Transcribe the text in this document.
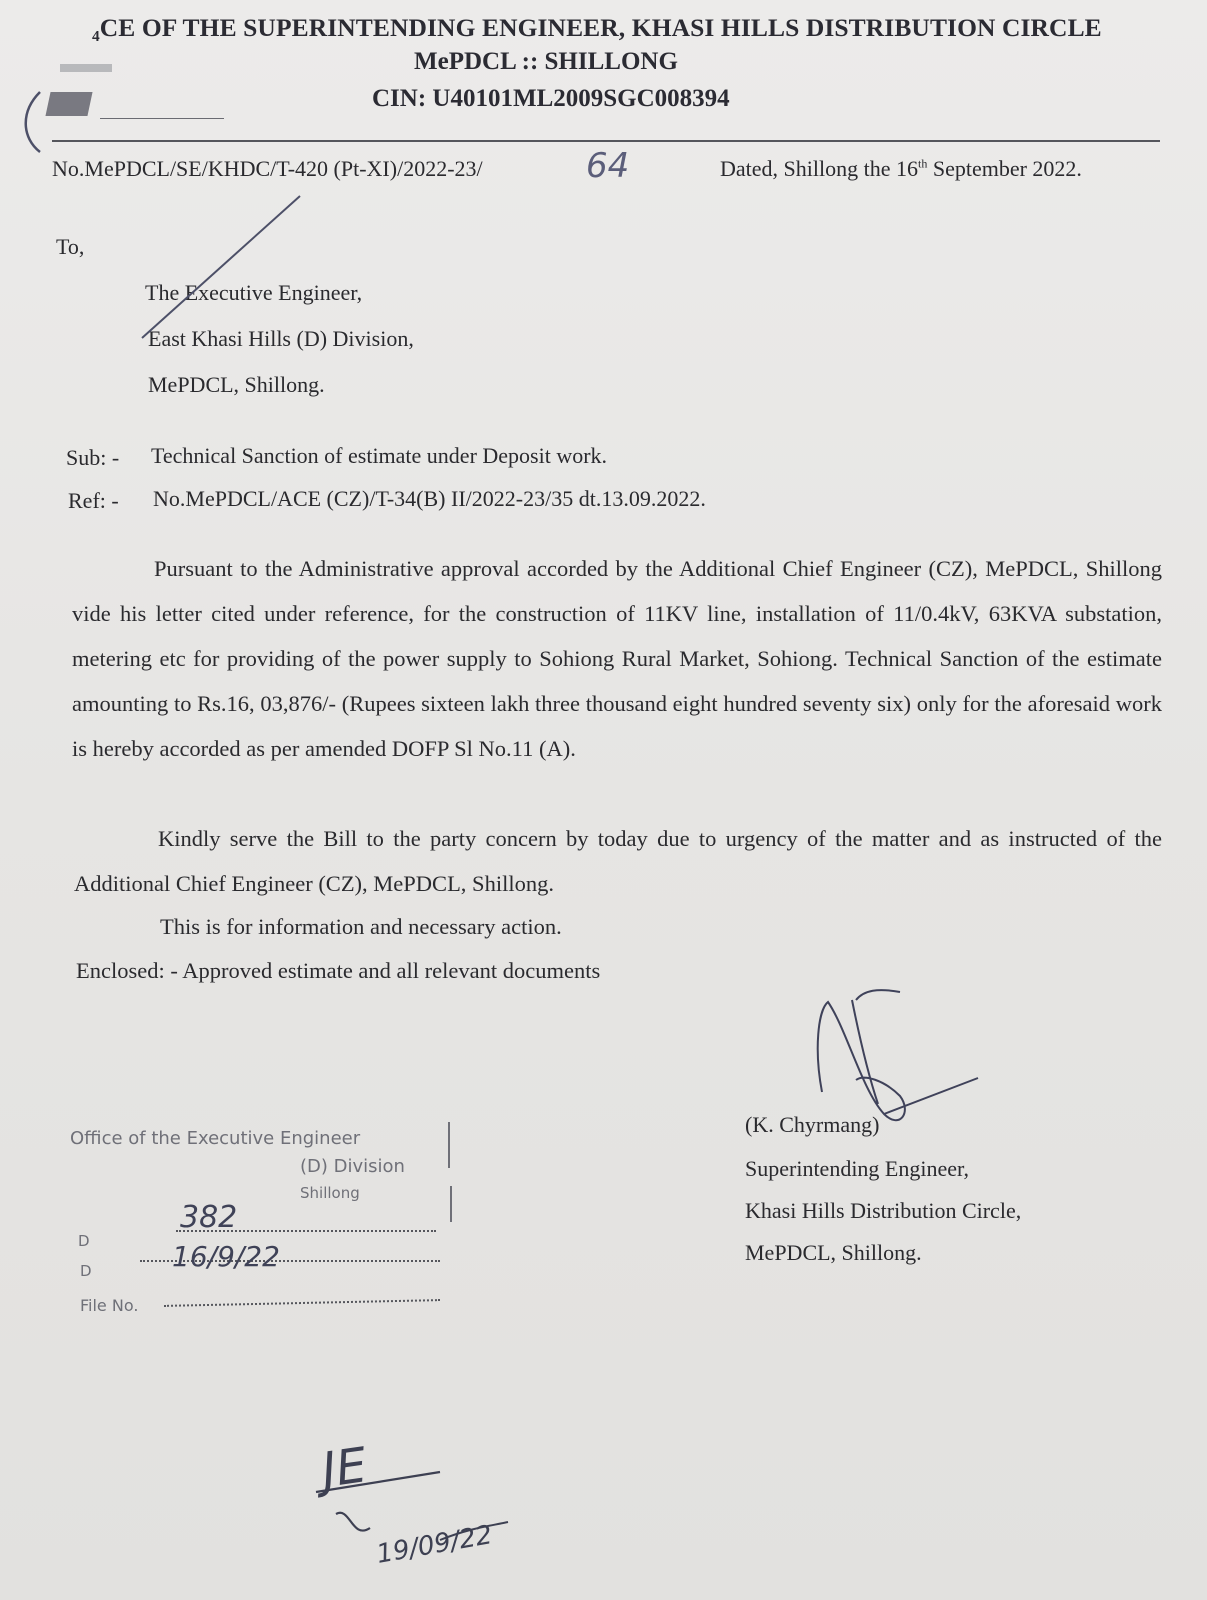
₄CE OF THE SUPERINTENDING ENGINEER, KHASI HILLS DISTRIBUTION CIRCLE
MePDCL :: SHILLONG
CIN: U40101ML2009SGC008394
No.MePDCL/SE/KHDC/T-420 (Pt-XI)/2022-23/	64	Dated, Shillong the 16th September 2022.
To,
The Executive Engineer,
East Khasi Hills (D) Division,
MePDCL, Shillong.
Sub: - Technical Sanction of estimate under Deposit work.
Ref: - No.MePDCL/ACE (CZ)/T-34(B) II/2022-23/35 dt.13.09.2022.
Pursuant to the Administrative approval accorded by the Additional Chief Engineer (CZ), MePDCL, Shillong vide his letter cited under reference, for the construction of 11KV line, installation of 11/0.4kV, 63KVA substation, metering etc for providing of the power supply to Sohiong Rural Market, Sohiong. Technical Sanction of the estimate amounting to Rs.16, 03,876/- (Rupees sixteen lakh three thousand eight hundred seventy six) only for the aforesaid work is hereby accorded as per amended DOFP Sl No.11 (A).
Kindly serve the Bill to the party concern by today due to urgency of the matter and as instructed of the Additional Chief Engineer (CZ), MePDCL, Shillong.
This is for information and necessary action.
Enclosed: - Approved estimate and all relevant documents
(K. Chyrmang)
Superintending Engineer,
Khasi Hills Distribution Circle,
MePDCL, Shillong.
Office of the Executive Engineer
(D) Division
Shillong
D
D
File No.
382
16/9/22
JE
19/09/22
